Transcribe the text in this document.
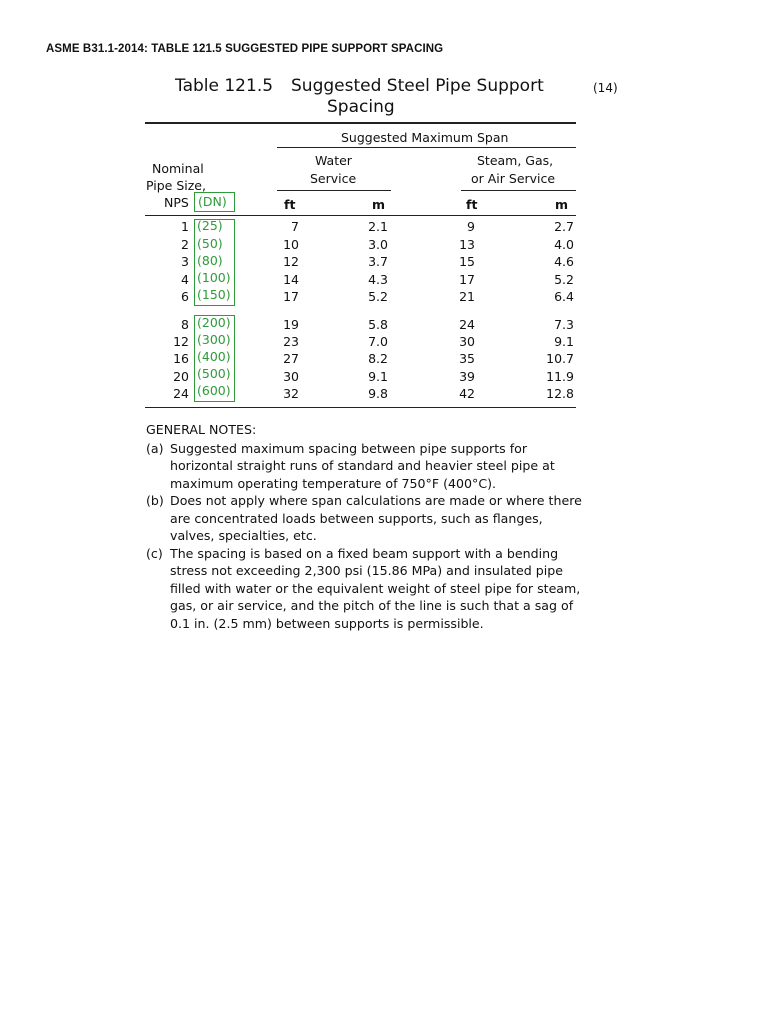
ASME B31.1-2014: TABLE 121.5 SUGGESTED PIPE SUPPORT SPACING
Table 121.5 Suggested Steel Pipe Support
Spacing
(14)
Suggested Maximum Span
Water
Service
Steam, Gas,
or Air Service
Nominal
Pipe Size,
NPS (DN)	ft	m	ft	m
1 (25)	7	2.1	9	2.7
2 (50)	10	3.0	13	4.0
3 (80)	12	3.7	15	4.6
4 (100)	14	4.3	17	5.2
6 (150)	17	5.2	21	6.4
8 (200)	19	5.8	24	7.3
12 (300)	23	7.0	30	9.1
16 (400)	27	8.2	35	10.7
20 (500)	30	9.1	39	11.9
24 (600)	32	9.8	42	12.8
GENERAL NOTES:
(a) Suggested maximum spacing between pipe supports for horizontal straight runs of standard and heavier steel pipe at maximum operating temperature of 750°F (400°C).
(b) Does not apply where span calculations are made or where there are concentrated loads between supports, such as flanges, valves, specialties, etc.
(c) The spacing is based on a fixed beam support with a bending stress not exceeding 2,300 psi (15.86 MPa) and insulated pipe filled with water or the equivalent weight of steel pipe for steam, gas, or air service, and the pitch of the line is such that a sag of 0.1 in. (2.5 mm) between supports is permissible.
